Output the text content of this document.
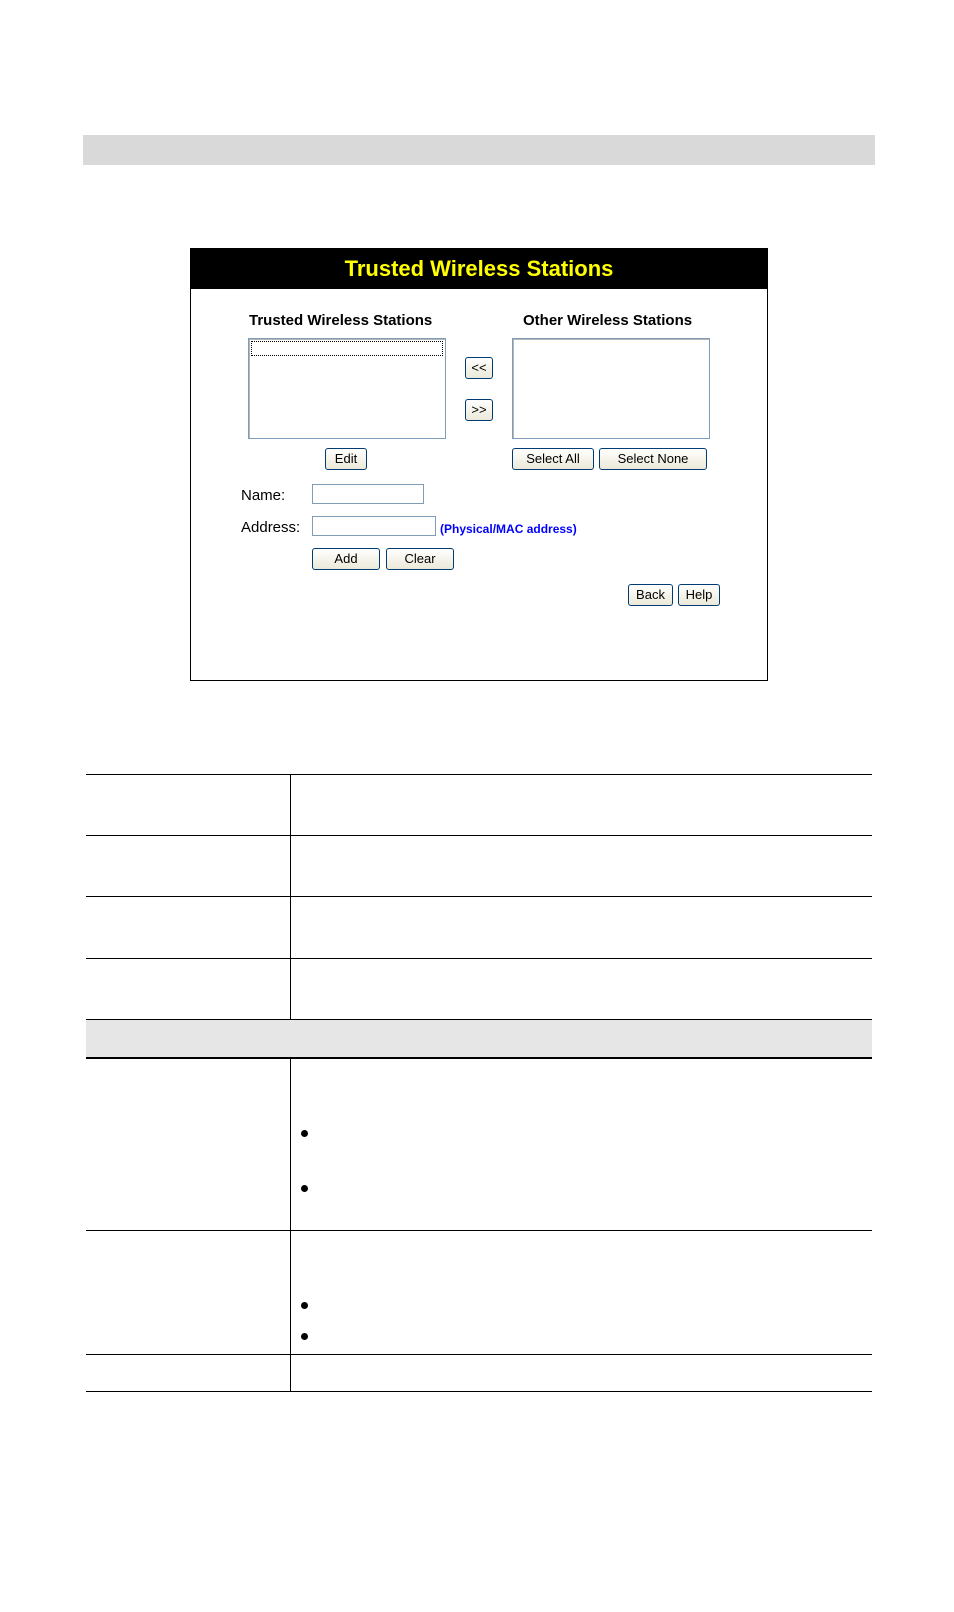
Trusted Wireless Stations
Trusted Wireless Stations	Other Wireless Stations
<<
>>
Edit	Select All	Select None
Name:
Address:	(Physical/MAC address)
Add	Clear
Back	Help
